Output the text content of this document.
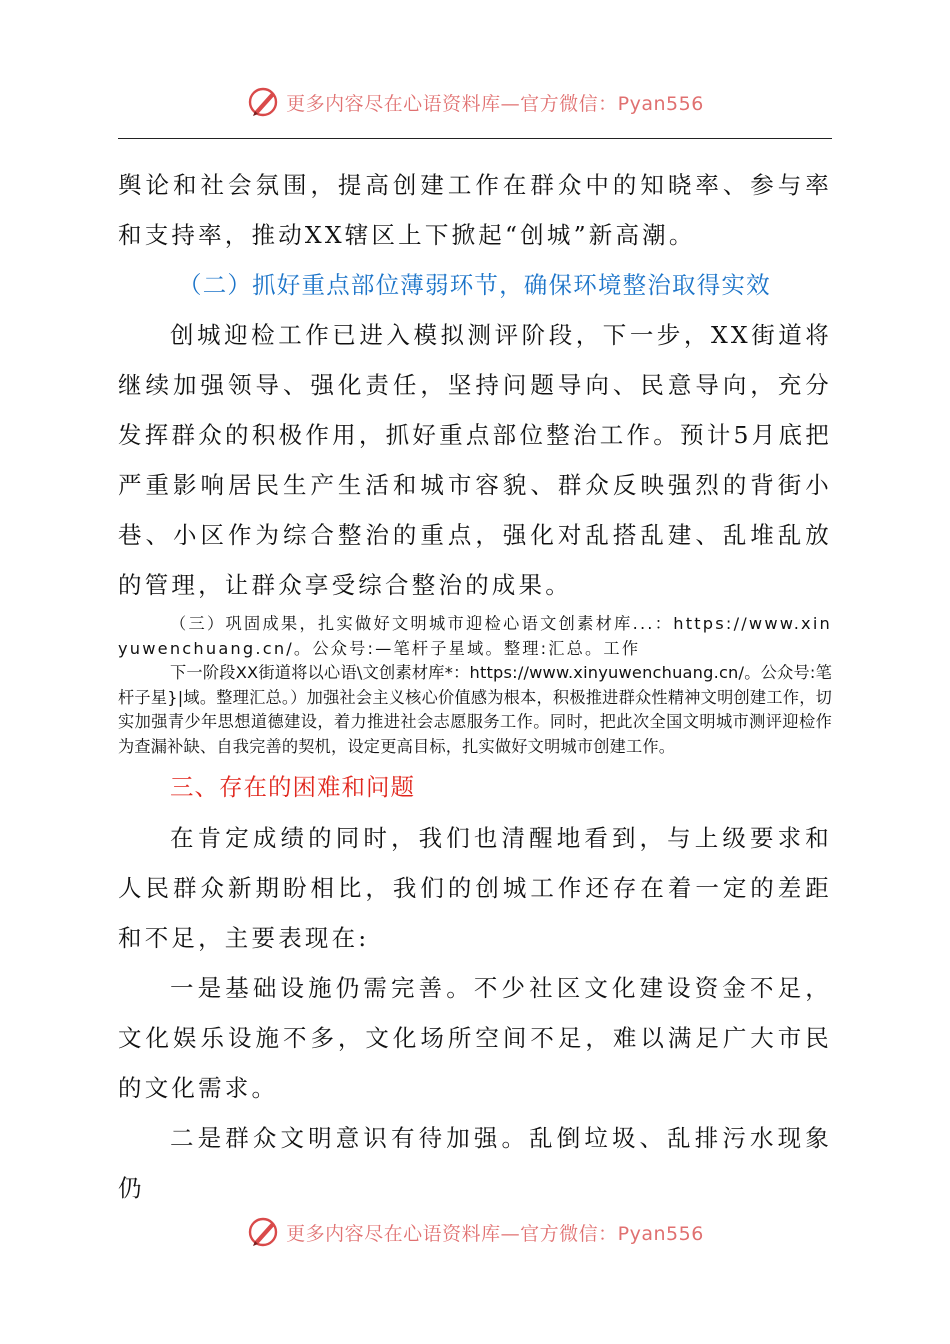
更多内容尽在心语资料库—官方微信：Pyan556

舆论和社会氛围，提高创建工作在群众中的知晓率、参与率和支持率，推动XX辖区上下掀起“创城”新高潮。

（二）抓好重点部位薄弱环节，确保环境整治取得实效

创城迎检工作已进入模拟测评阶段，下一步，XX街道将继续加强领导、强化责任，坚持问题导向、民意导向，充分发挥群众的积极作用，抓好重点部位整治工作。预计5月底把严重影响居民生产生活和城市容貌、群众反映强烈的背街小巷、小区作为综合整治的重点，强化对乱搭乱建、乱堆乱放的管理，让群众享受综合整治的成果。

（三）巩固成果，扎实做好文明城市迎检心语文创素材库...：https://www.xinyuwenchuang.cn/。公众号:—笔杆子星域。整理:汇总。工作

下一阶段XX街道将以心语\文创素材库*：https://www.xinyuwenchuang.cn/。公众号:笔杆子星}|域。整理汇总。）加强社会主义核心价值感为根本，积极推进群众性精神文明创建工作，切实加强青少年思想道德建设，着力推进社会志愿服务工作。同时，把此次全国文明城市测评迎检作为查漏补缺、自我完善的契机，设定更高目标，扎实做好文明城市创建工作。

三、存在的困难和问题

在肯定成绩的同时，我们也清醒地看到，与上级要求和人民群众新期盼相比，我们的创城工作还存在着一定的差距和不足，主要表现在:

一是基础设施仍需完善。不少社区文化建设资金不足，文化娱乐设施不多，文化场所空间不足，难以满足广大市民的文化需求。

二是群众文明意识有待加强。乱倒垃圾、乱排污水现象仍

更多内容尽在心语资料库—官方微信：Pyan556
